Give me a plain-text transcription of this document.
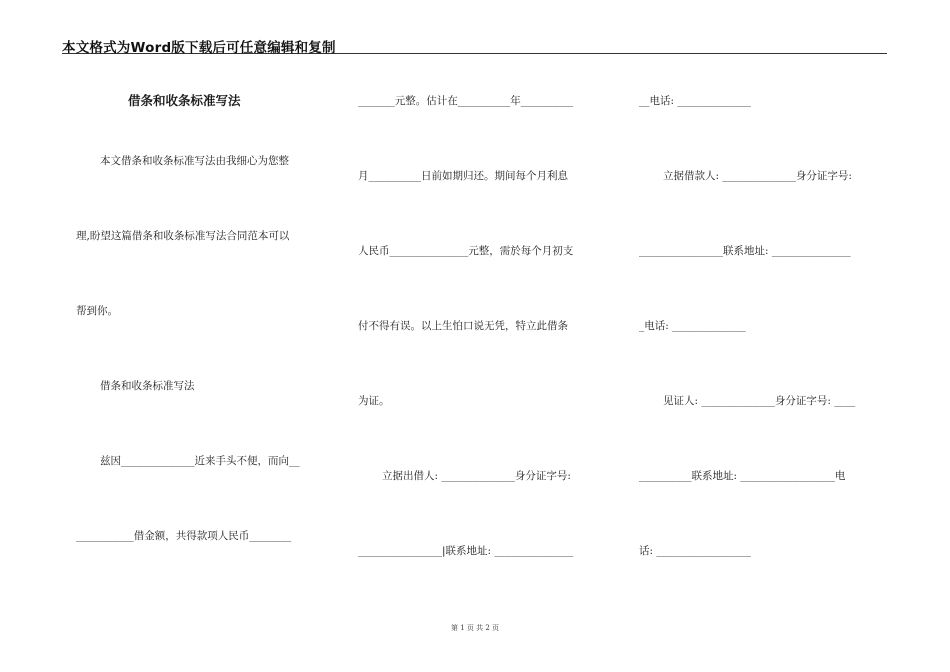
本文格式为Word版下载后可任意编辑和复制
借条和收条标准写法
本文借条和收条标准写法由我细心为您整
理,盼望这篇借条和收条标准写法合同范本可以
帮到你。
借条和收条标准写法
兹因______________近来手头不便，而向__
___________借金额，共得款项人民币________
_______元整。估计在__________年__________
月__________日前如期归还。期间每个月利息
人民币_______________元整，需於每个月初支
付不得有误。以上生怕口说无凭，特立此借条
为证。
立据出借人: ______________身分证字号:
________________|联系地址: _______________
__电话: ______________
立据借款人: ______________身分证字号:
________________联系地址: _______________
_电话: ______________
见证人: ______________身分证字号: ____
__________联系地址: __________________电
话: __________________
第 1 页 共 2 页
